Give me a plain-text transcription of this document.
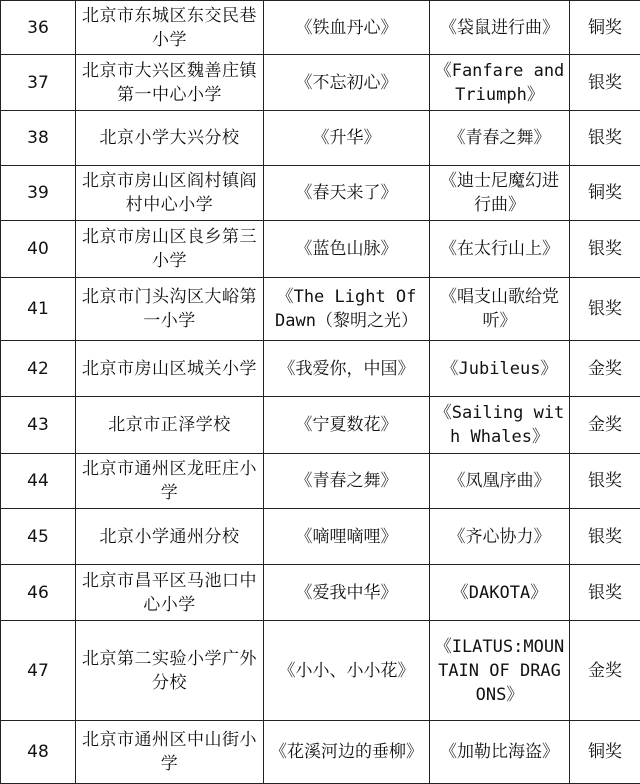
36	北京市东城区东交民巷小学	《铁血丹心》	《袋鼠进行曲》	铜奖
37	北京市大兴区魏善庄镇第一中心小学	《不忘初心》	《Fanfare and Triumph》	银奖
38	北京小学大兴分校	《升华》	《青春之舞》	银奖
39	北京市房山区阎村镇阎村中心小学	《春天来了》	《迪士尼魔幻进行曲》	铜奖
40	北京市房山区良乡第三小学	《蓝色山脉》	《在太行山上》	银奖
41	北京市门头沟区大峪第一小学	《The Light Of Dawn（黎明之光）	《唱支山歌给党听》	银奖
42	北京市房山区城关小学	《我爱你，中国》	《Jubileus》	金奖
43	北京市正泽学校	《宁夏数花》	《Sailing with Whales》	金奖
44	北京市通州区龙旺庄小学	《青春之舞》	《凤凰序曲》	银奖
45	北京小学通州分校	《嘀哩嘀哩》	《齐心协力》	银奖
46	北京市昌平区马池口中心小学	《爱我中华》	《DAKOTA》	银奖
47	北京第二实验小学广外分校	《小小、小小花》	《ILATUS:MOUNTAIN OF DRAGONS》	金奖
48	北京市通州区中山街小学	《花溪河边的垂柳》	《加勒比海盗》	铜奖
